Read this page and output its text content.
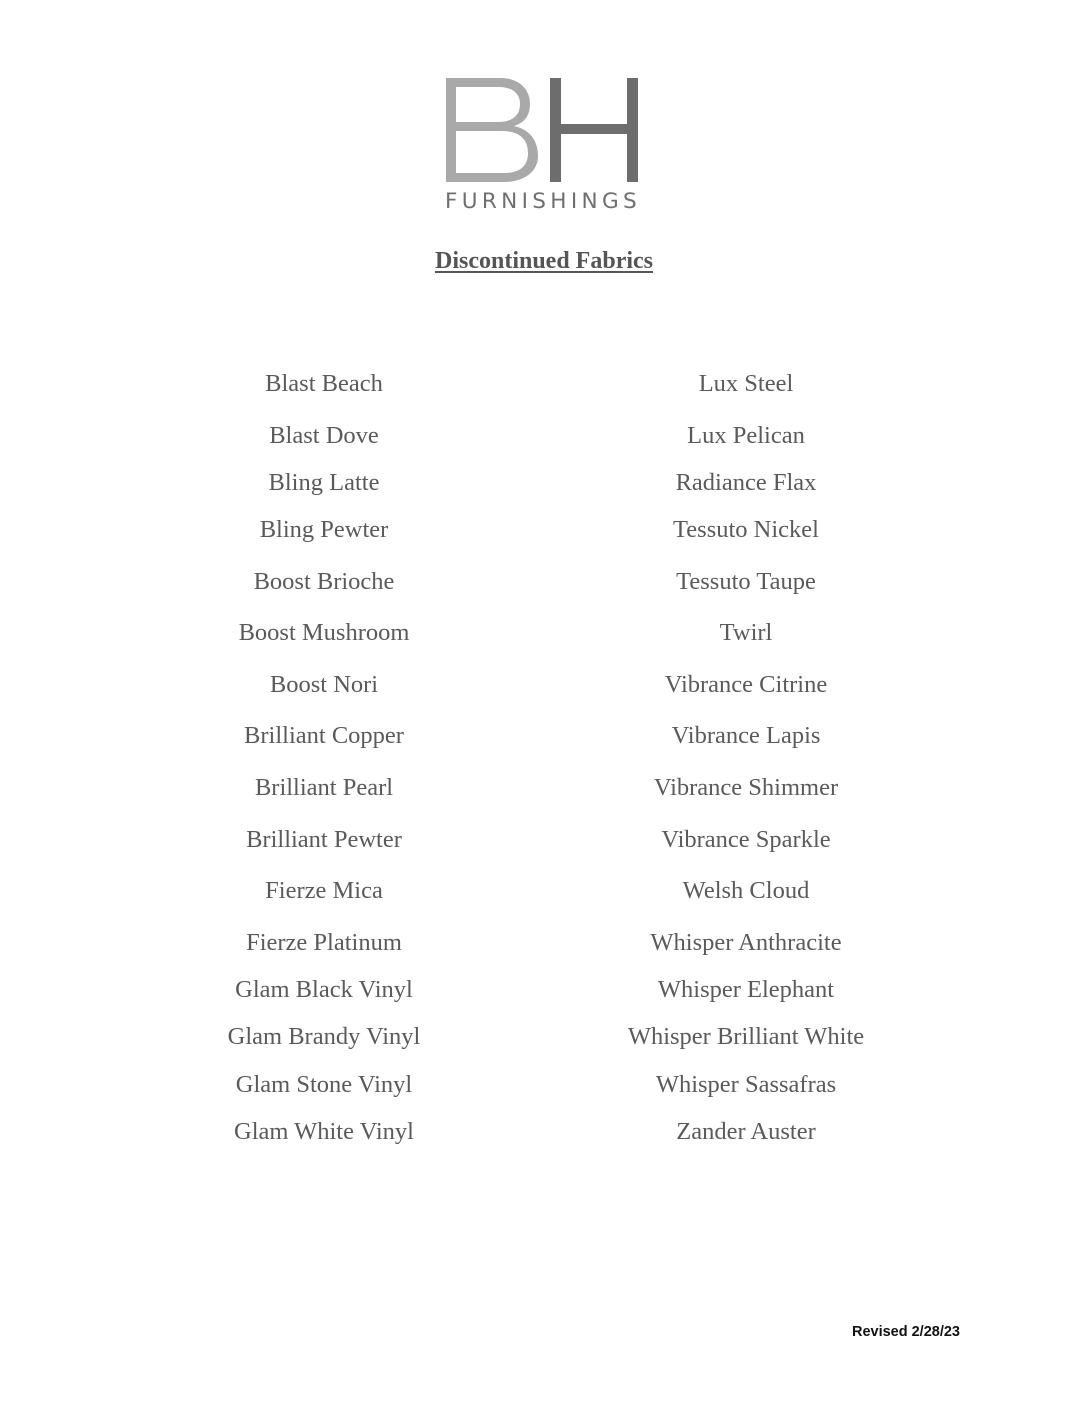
FURNISHINGS
Discontinued Fabrics
Blast Beach
Blast Dove
Bling Latte
Bling Pewter
Boost Brioche
Boost Mushroom
Boost Nori
Brilliant Copper
Brilliant Pearl
Brilliant Pewter
Fierze Mica
Fierze Platinum
Glam Black Vinyl
Glam Brandy Vinyl
Glam Stone Vinyl
Glam White Vinyl
Lux Steel
Lux Pelican
Radiance Flax
Tessuto Nickel
Tessuto Taupe
Twirl
Vibrance Citrine
Vibrance Lapis
Vibrance Shimmer
Vibrance Sparkle
Welsh Cloud
Whisper Anthracite
Whisper Elephant
Whisper Brilliant White
Whisper Sassafras
Zander Auster
Revised 2/28/23
